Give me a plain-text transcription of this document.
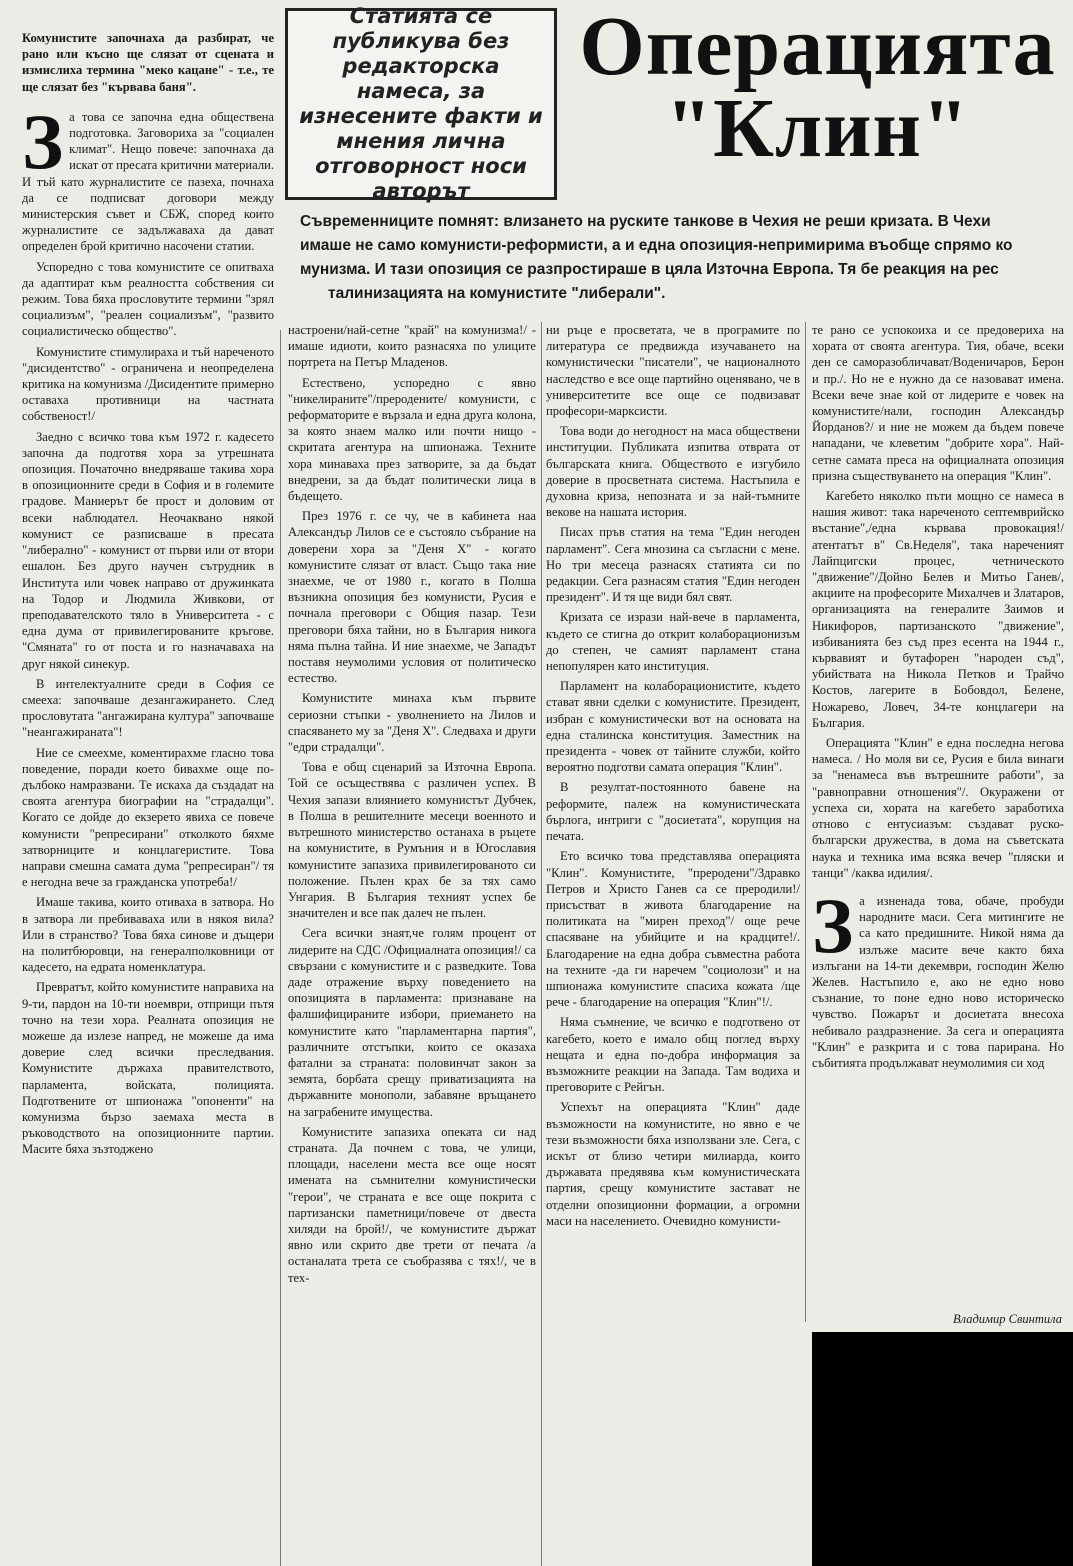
Комунистите започнаха да разбират, че рано или късно ще слязат от сцената и измислиха термина "меко кацане" - т.е., те ще слязат без "кървава баня".

За това се започна една обществена подготовка. Заговориха за "социален климат". Нещо повече: започнаха да искат от пресата критични материали. И тъй като журналистите се пазеха, почнаха да се подписват договори между министерския съвет и СБЖ, според които журналистите се задължаваха да дават определен брой критично насочени статии.

Успоредно с това комунистите се опитваха да адаптират към реалността собствения си режим. Това бяха прословутите термини "зрял социализъм", "реален социализъм", "развито социалистическо общество".

Комунистите стимулираха и тъй нареченото "дисидентство" - ограничена и неопределена критика на комунизма /Дисидентите примерно оставаха противници на частната собственост!/

Заедно с всичко това към 1972 г. кадесето започна да подготвя хора за утрешната опозиция. Початочно внедряваше такива хора в опозиционните среди в София и в големите градове. Маниерът бе прост и доловим от всеки наблюдател. Неочаквано някой комунист се разписваше в пресата "либерално" - комунист от първи или от втори ешалон. Без друго научен сътрудник в Института или човек направо от дружинката на Тодор и Людмила Живкови, от преподавателското тяло в Университета - с една дума от привилегированите кръгове. "Смяната" го от поста и го назначаваха на друг някой синекур.

В интелектуалните среди в София се смееха: започваше дезангажирането. След прословутата "ангажирана култура" започваше "неангажираната"!

Ние се смеехме, коментирахме гласно това поведение, поради което бивахме още по-дълбоко намразвани. Те искаха да създадат на своята агентура биографии на "страдалци". Когато се дойде до екзерето явиха се повече комунисти "репресирани" отколкото бяхме затворниците и концлагеристите. Това направи смешна самата дума "репресиран"/ тя е негодна вече за гражданска употреба!/

Имаше такива, които отиваха в затвора. Но в затвора ли пребиваваха или в някоя вила? Или в странство? Това бяха синове и дъщери на политбюровци, на генералполковници от кадесето, на едрата номенклатура.

Превратът, който комунистите направиха на 9-ти, пардон на 10-ти ноември, отприщи пътя точно на тези хора. Реалната опозиция не можеше да излезе напред, не можеше да има доверие след всички преследвания. Комунистите държаха правителството, парламента, войската, полицията. Подготвените от шпионажа "опоненти" на комунизма бързо заемаха места в ръководството на опозиционните партии. Масите бяха зъзтоджено

Статията се публикува без редакторска намеса, за изнесените факти и мнения лична отговорност носи авторът
Операцията
"Клин"
Съвременниците помнят: влизането на руските танкове в Чехия не реши кризата. В Чехи
имаше не само комунисти-реформисти, а и една опозиция-непримирима въобще спрямо ко
мунизма. И тази опозиция се разпростираше в цяла Източна Европа. Тя бе реакция на рес
талинизацията на комунистите "либерали".

настроени/най-сетне "край" на комунизма!/ - имаше идиоти, които разнасяха по улиците портрета на Петър Младенов.

Естествено, успоредно с явно "никелираните"/преродените/ комунисти, с реформаторите е вързала и една друга колона, за която знаем малко или почти нищо - скритата агентура на шпионажа. Техните хора минаваха през затворите, за да бъдат внедрени, за да бъдат политически лица в бъдещето.

През 1976 г. се чу, че в кабинета наа Александър Лилов се е състояло събрание на доверени хора за "Деня Х" - когато комунистите слязат от власт. Също така ние знаехме, че от 1980 г., когато в Полша възникна опозиция без комунисти, Русия е почнала преговори с Общия пазар. Тези преговори бяха тайни, но в България никога няма пълна тайна. И ние знаехме, че Западът поставя неумолими условия от политическо естество.

Комунистите минаха към първите сериозни стъпки - уволнението на Лилов и спасяването му за "Деня Х". Следваха и други "едри страдалци".

Това е общ сценарий за Източна Европа. Той се осъществява с различен успех. В Чехия запази влиянието комунистът Дубчек, в Полша в решителните месеци военното и вътрешното министерство останаха в ръцете на комунистите, в Румъния и в Югославия комунистите запазиха привилегированото си положение. Пълен крах бе за тях само Унгария. В България техният успех бе значителен и все пак далеч не пълен.

Сега всички знаят,че голям процент от лидерите на СДС /Официалната опозиция!/ са свързани с комунистите и с разведките. Това даде отражение върху поведението на опозицията в парламента: признаване на фалшифицираните избори, приемането на комунистите като "парламентарна партия", различните отстъпки, които се оказаха фатални за страната: половинчат закон за земята, борбата срещу приватизацията на държавните монополи, забавяне връщането на заграбените имущества.

Комунистите запазиха опеката си над страната. Да почнем с това, че улици, площади, населени места все още носят имената на съмнителни комунистически "герои", че страната е все още покрита с партизански паметници/повече от двеста хиляди на брой!/, че комунистите държат явно или скрито две трети от печата /а останалата трета се съобразява с тях!/, че в тех-

ни ръце е просветата, че в програмите по литература се предвижда изучаването на комунистически "писатели", че националното наследство е все още партийно оценявано, че в университетите все още се подвизават професори-марксисти.

Това води до негодност на маса обществени институции. Публиката изпитва отврата от българската книга. Обществото е изгубило доверие в просветната система. Настъпила е духовна криза, непозната и за най-тъмните векове на нашата история.

Писах пръв статия на тема "Един негоден парламент". Сега мнозина са съгласни с мене. Но три месеца разнасях статията си по редакции. Сега разнасям статия "Един негоден президент". И тя ще види бял свят.

Кризата се изрази най-вече в парламента, където се стигна до открит колаборационизъм до степен, че самият парламент стана непопулярен като институция.

Парламент на колаборационистите, където стават явни сделки с комунистите. Президент, избран с комунистически вот на основата на една сталинска конституция. Заместник на президента - човек от тайните служби, който вероятно подготви самата операция "Клин".

В резултат-постоянното бавене на реформите, палеж на комунистическата бърлога, интриги с "досиетата", корупция на печата.

Ето всичко това представлява операцията "Клин". Комунистите, "преродени"/Здравко Петров и Христо Ганев са се преродили!/ присъстват в живота благодарение на политиката на "мирен преход"/ още рече спасяване на убийците и на крадците!/. Благодарение на една добра съвместна работа на техните -да ги наречем "социолози" и на шпионажа комунистите спасиха кожата /ще рече - благодарение на операция "Клин"!/.

Няма съмнение, че всичко е подготвено от кагебето, което е имало общ поглед върху нещата и една по-добра информация за възможните реакции на Запада. Там водиха и преговорите с Рейгън.

Успехът на операцията "Клин" даде възможности на комунистите, но явно е че тези възможности бяха използвани зле. Сега, с искът от близо четири милиарда, които държавата предявява към комунистическата партия, срещу комунистите застават не отделни опозиционни формации, а огромни маси на населението. Очевидно комунисти-

те рано се успокоиха и се предовериха на хората от своята агентура. Тия, обаче, всеки ден се саморазобличават/Воденичаров, Берон и пр./. Но не е нужно да се назовават имена. Всеки вече знае кой от лидерите е човек на комунистите/нали, господин Александър Йорданов?/ и ние не можем да бъдем повече нападани, че клеветим "добрите хора". Най-сетне самата преса на официалната опозиция призна съществуването на операция "Клин".

Кагебето няколко пъти мощно се намеса в нашия живот: така нареченото септемврийско въстание",/една кървава провокация!/ атентатът в" Св.Неделя", така нареченият Лайпцигски процес, четническото "движение"/Дойно Белев и Митьо Ганев/, акциите на професорите Михалчев и Златаров, организацията на генералите Заимов и Никифоров, партизанското "движение", избиванията без съд през есента на 1944 г., кървавият и бутафорен "народен съд", убийствата на Никола Петков и Трайчо Костов, лагерите в Бобовдол, Белене, Ножарево, Ловеч, 34-те концлагери на България.

Операцията "Клин" е една последна негова намеса. / Но моля ви се, Русия е била винаги за "ненамеса във вътрешните работи", за "равноправни отношения"/. Окуражени от успеха си, хората на кагебето заработиха отново с ентусиазъм: създават руско-български дружества, в дома на съветската наука и техника има всяка вечер "пляски и танци" /каква идилия/.

За изненада това, обаче, пробуди народните маси. Сега митингите не са като предишните. Никой няма да излъже масите вече както бяха излъгани на 14-ти декември, господин Желю Желев. Настъпило е, ако не едно ново съзнание, то поне едно ново историческо чувство. Пожарът и досиетата внесоха небивало раздразнение. За сега и операцията "Клин" е разкрита и с това парирана. Но събитията продължават неумолимия си ход

Владимир Свинтила
